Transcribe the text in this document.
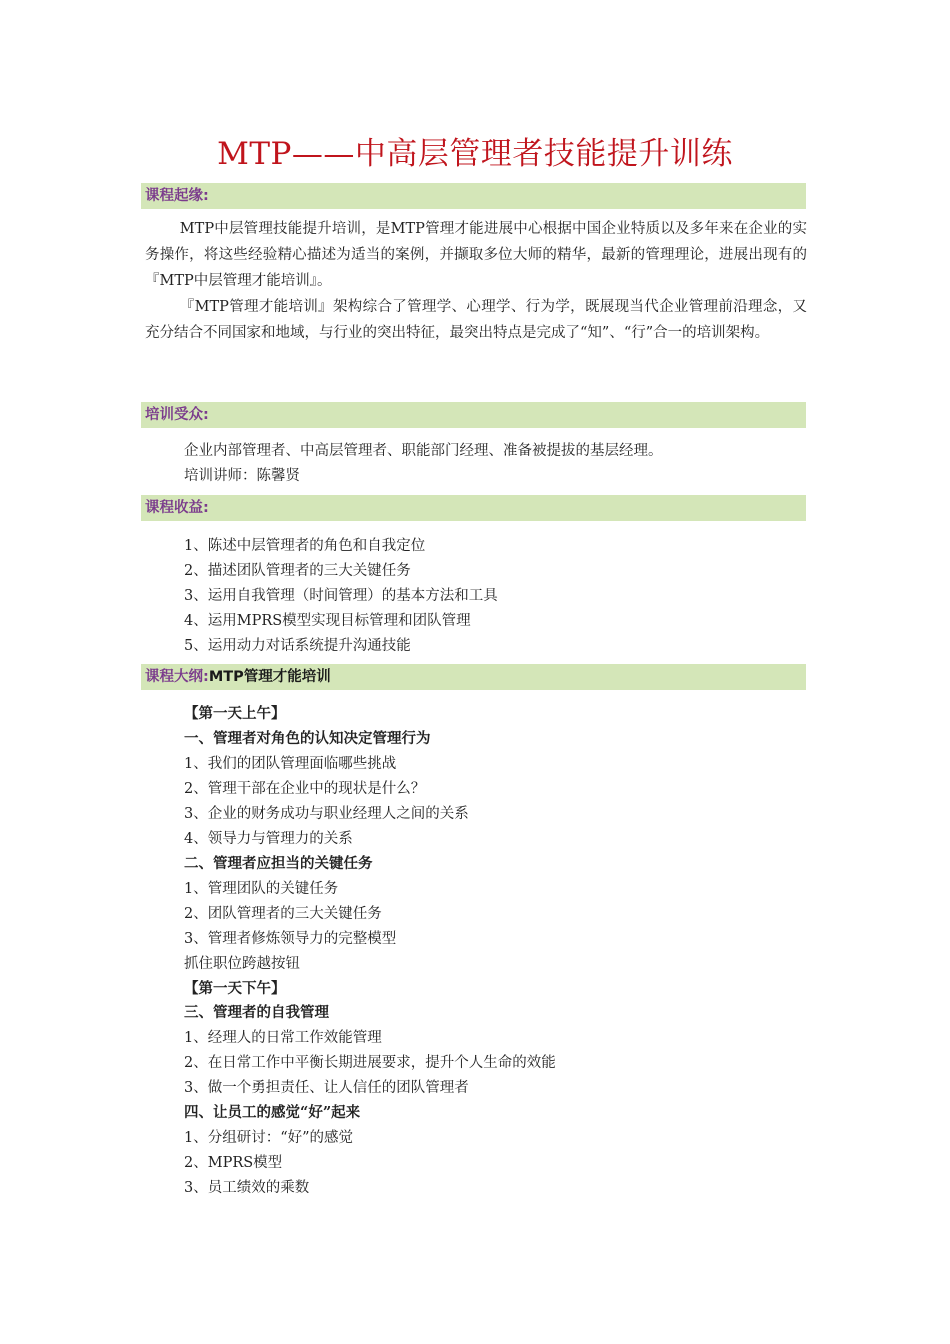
MTP——中高层管理者技能提升训练
课程起缘:

MTP中层管理技能提升培训，是MTP管理才能进展中心根据中国企业特质以及多年来在企业的实务操作，将这些经验精心描述为适当的案例，并撷取多位大师的精华，最新的管理理论，进展出现有的『MTP中层管理才能培训』。

『MTP管理才能培训』架构综合了管理学、心理学、行为学，既展现当代企业管理前沿理念，又充分结合不同国家和地域，与行业的突出特征，最突出特点是完成了“知”、“行”合一的培训架构。

培训受众:
企业内部管理者、中高层管理者、职能部门经理、准备被提拔的基层经理。
培训讲师：陈馨贤
课程收益:
1、陈述中层管理者的角色和自我定位
2、描述团队管理者的三大关键任务
3、运用自我管理（时间管理）的基本方法和工具
4、运用MPRS模型实现目标管理和团队管理
5、运用动力对话系统提升沟通技能
课程大纲:MTP管理才能培训
【第一天上午】
一、管理者对角色的认知决定管理行为
1、我们的团队管理面临哪些挑战
2、管理干部在企业中的现状是什么？
3、企业的财务成功与职业经理人之间的关系
4、领导力与管理力的关系
二、管理者应担当的关键任务
1、管理团队的关键任务
2、团队管理者的三大关键任务
3、管理者修炼领导力的完整模型
抓住职位跨越按钮
【第一天下午】
三、管理者的自我管理
1、经理人的日常工作效能管理
2、在日常工作中平衡长期进展要求，提升个人生命的效能
3、做一个勇担责任、让人信任的团队管理者
四、让员工的感觉“好”起来
1、分组研讨：“好”的感觉
2、MPRS模型
3、员工绩效的乘数
